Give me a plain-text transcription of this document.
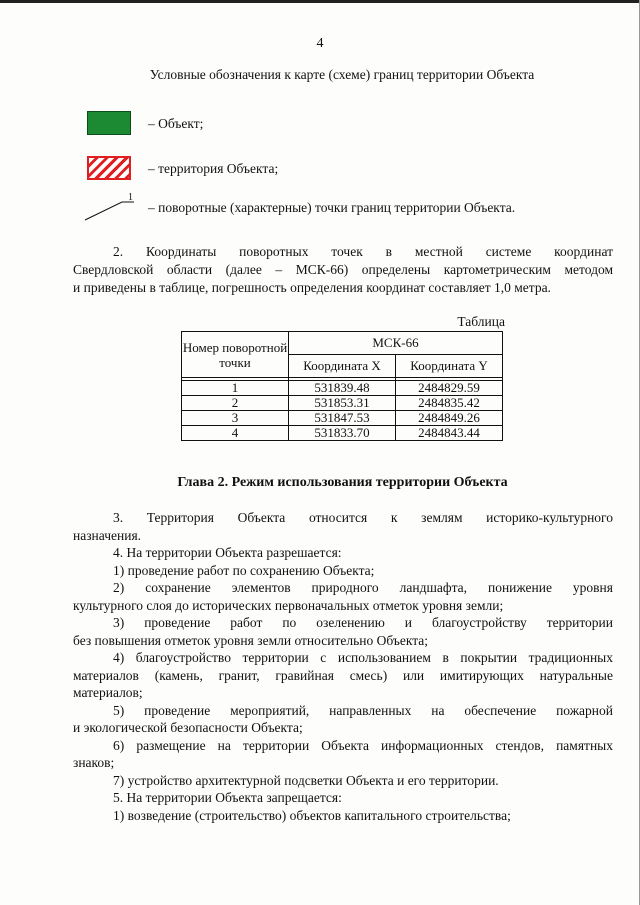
4
Условные обозначения к карте (схеме) границ территории Объекта
– Объект;
– территория Объекта;
1
– поворотные (характерные) точки границ территории Объекта.
2. Координаты поворотных точек в местной системе координат
Свердловской области (далее – МСК-66) определены картометрическим методом
и приведены в таблице, погрешность определения координат составляет 1,0 метра.
Таблица
Номер поворотной точки	МСК-66	
	Координата X	Координата Y

1	531839.48	2484829.59
2	531853.31	2484835.42
3	531847.53	2484849.26
4	531833.70	2484843.44
Глава 2. Режим использования территории Объекта
3. Территория Объекта относится к землям историко-культурного
назначения.
4. На территории Объекта разрешается:
1) проведение работ по сохранению Объекта;
2) сохранение элементов природного ландшафта, понижение уровня
культурного слоя до исторических первоначальных отметок уровня земли;
3) проведение работ по озеленению и благоустройству территории
без повышения отметок уровня земли относительно Объекта;
4) благоустройство территории с использованием в покрытии традиционных
материалов (камень, гранит, гравийная смесь) или имитирующих натуральные
материалов;
5) проведение мероприятий, направленных на обеспечение пожарной
и экологической безопасности Объекта;
6) размещение на территории Объекта информационных стендов, памятных
знаков;
7) устройство архитектурной подсветки Объекта и его территории.
5. На территории Объекта запрещается:
1) возведение (строительство) объектов капитального строительства;
